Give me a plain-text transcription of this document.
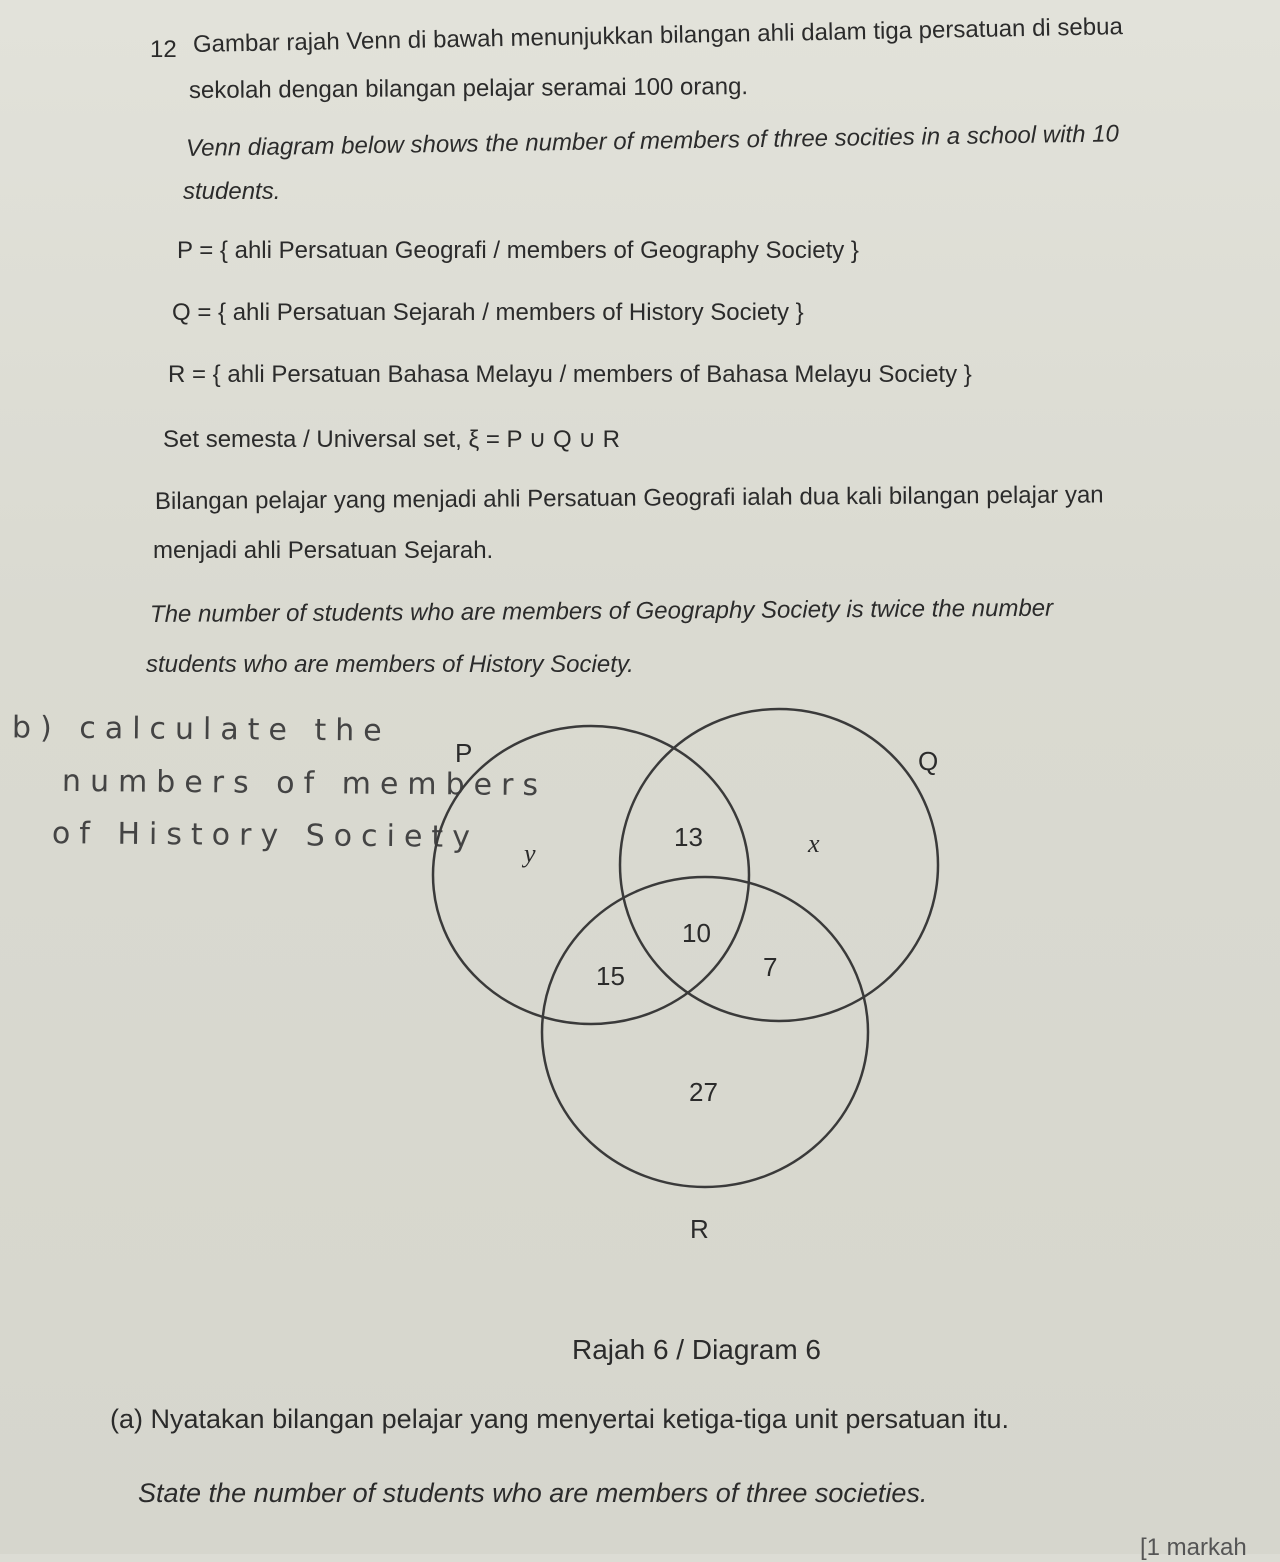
12 Gambar rajah Venn di bawah menunjukkan bilangan ahli dalam tiga persatuan di sebua
sekolah dengan bilangan pelajar seramai 100 orang.
Venn diagram below shows the number of members of three socities in a school with 10
students.
P = { ahli Persatuan Geografi / members of Geography Society }
Q = { ahli Persatuan Sejarah / members of History Society }
R = { ahli Persatuan Bahasa Melayu / members of Bahasa Melayu Society }
Set semesta / Universal set, ξ = P ∪ Q ∪ R
Bilangan pelajar yang menjadi ahli Persatuan Geografi ialah dua kali bilangan pelajar yan
menjadi ahli Persatuan Sejarah.
The number of students who are members of Geography Society is twice the number
students who are members of History Society.
b) calculate the
numbers of members
of History Society
P	Q
R
y
13	x
10
15	7
27
Rajah 6 / Diagram 6
(a) Nyatakan bilangan pelajar yang menyertai ketiga-tiga unit persatuan itu.
State the number of students who are members of three societies.
[1 markah
